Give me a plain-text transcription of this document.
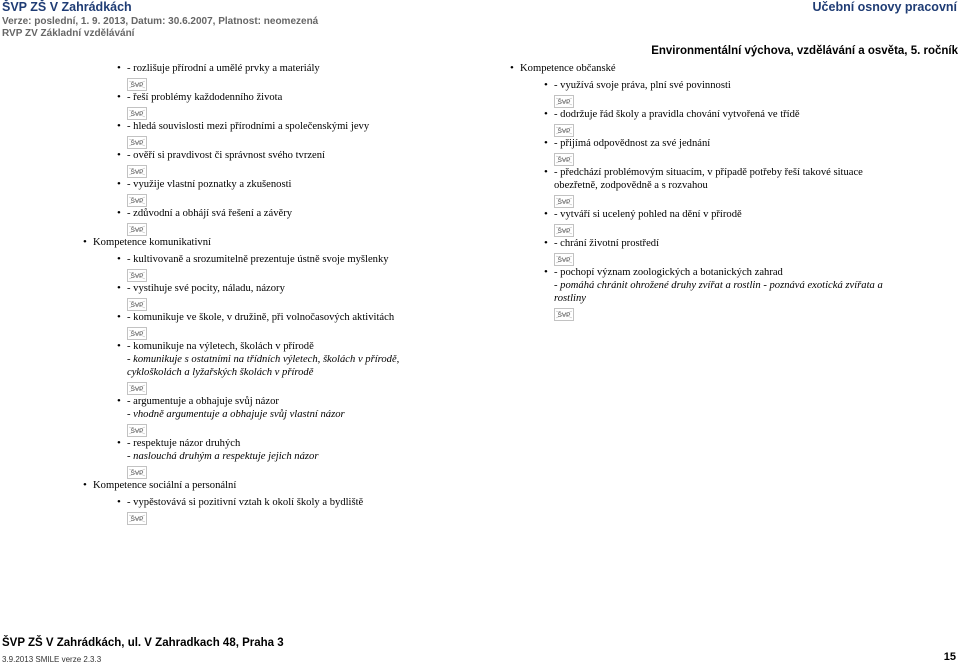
ŠVP ZŠ V Zahrádkách
Verze: poslední, 1. 9. 2013, Datum: 30.6.2007, Platnost: neomezená
RVP ZV Základní vzdělávání
Učební osnovy pracovní
Environmentální výchova, vzdělávání a osvěta, 5. ročník
• - rozlišuje přírodní a umělé prvky a materiály
ŠVP
• - řeší problémy každodenního života
ŠVP
• - hledá souvislosti mezi přírodními a společenskými jevy
ŠVP
• - ověří si pravdivost či správnost svého tvrzení
ŠVP
• - využije vlastní poznatky a zkušenosti
ŠVP
• - zdůvodní a obhájí svá řešení a závěry
ŠVP
• Kompetence komunikativní
• - kultivovaně a srozumitelně prezentuje ústně svoje myšlenky
ŠVP
• - vystihuje své pocity, náladu, názory
ŠVP
• - komunikuje ve škole, v družině, při volnočasových aktivitách
ŠVP
• - komunikuje na výletech, školách v přírodě
- komunikuje s ostatními na třídních výletech, školách v přírodě, cykloškolách a lyžařských školách v přírodě
ŠVP
• - argumentuje a obhajuje svůj názor
- vhodně argumentuje a obhajuje svůj vlastní názor
ŠVP
• - respektuje názor druhých
- naslouchá druhým a respektuje jejich názor
ŠVP
• Kompetence sociální a personální
• - vypěstovává si pozitivní vztah k okolí školy a bydliště
ŠVP
• Kompetence občanské
• - využívá svoje práva, plní své povinnosti
ŠVP
• - dodržuje řád školy a pravidla chování vytvořená ve třídě
ŠVP
• - přijímá odpovědnost za své jednání
ŠVP
• - předchází problémovým situacím, v případě potřeby řeší takové situace obezřetně, zodpovědně a s rozvahou
ŠVP
• - vytváří si ucelený pohled na dění v přírodě
ŠVP
• - chrání životní prostředí
ŠVP
• - pochopí význam zoologických a botanických zahrad
- pomáhá chránit ohrožené druhy zvířat a rostlin - poznává exotická zvířata a rostliny
ŠVP
ŠVP ZŠ V Zahrádkách, ul. V Zahradkach 48, Praha 3
3.9.2013 SMILE verze 2.3.3	15
